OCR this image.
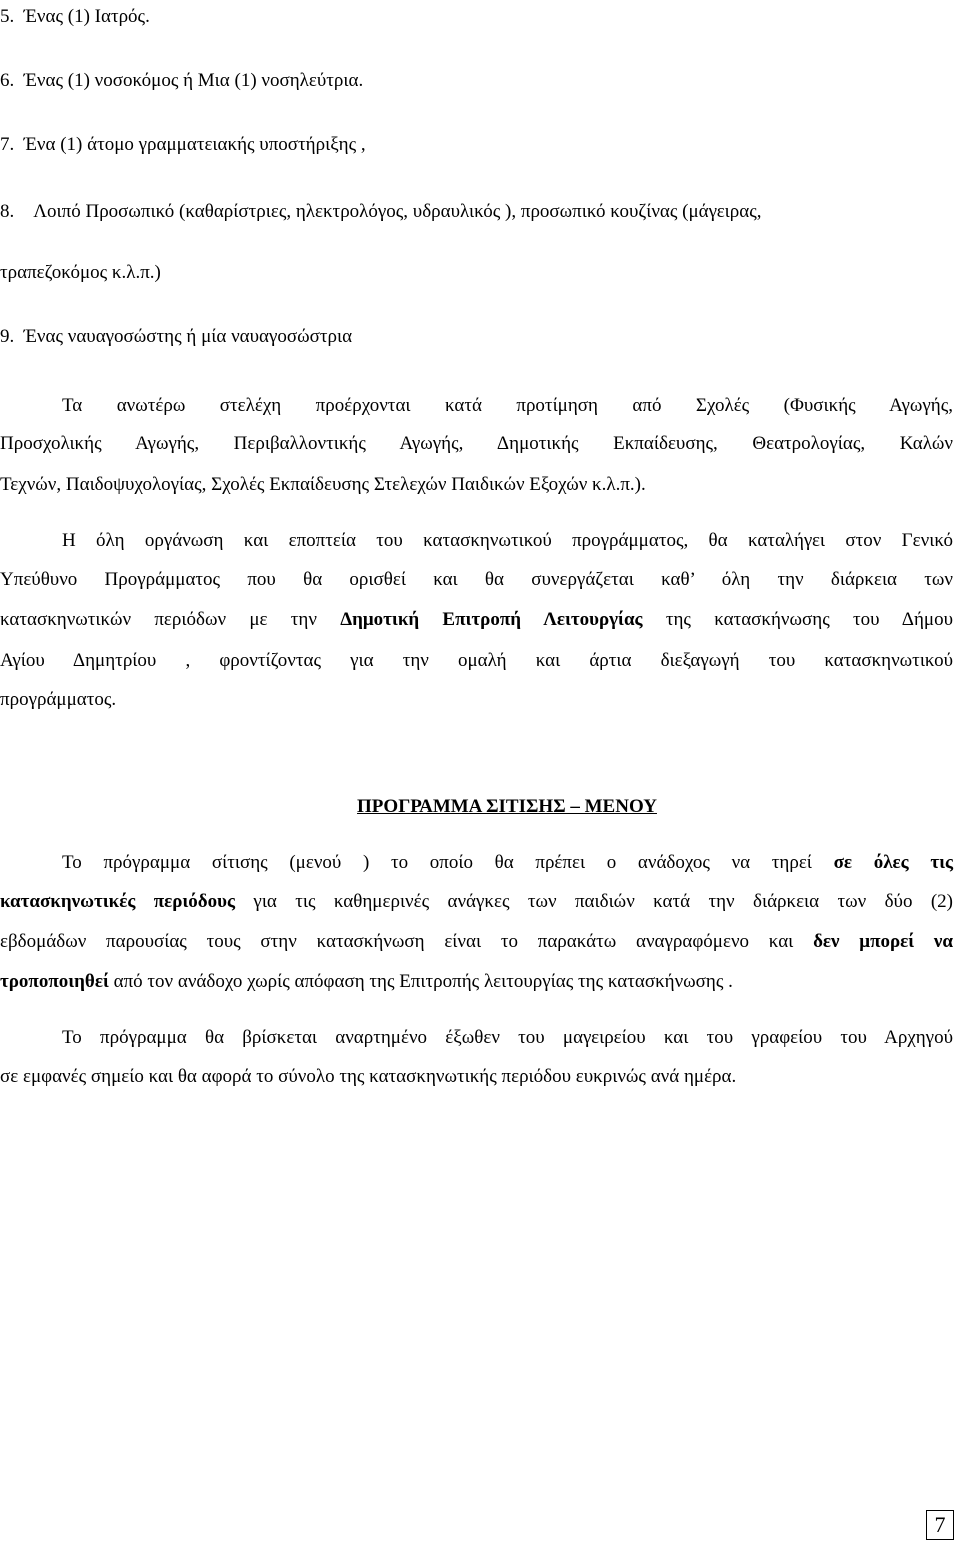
5. Ένας (1) Ιατρός.
6. Ένας (1) νοσοκόμος ή Μια (1) νοσηλεύτρια.
7. Ένα (1) άτομο γραμματειακής υποστήριξης ,
8. Λοιπό Προσωπικό (καθαρίστριες, ηλεκτρολόγος, υδραυλικός ), προσωπικό κουζίνας (μάγειρας,
τραπεζοκόμος κ.λ.π.)
9. Ένας ναυαγοσώστης ή μία ναυαγοσώστρια
Τα ανωτέρω στελέχη προέρχονται κατά προτίμηση από Σχολές (Φυσικής Αγωγής,
Προσχολικής Αγωγής, Περιβαλλοντικής Αγωγής, Δημοτικής Εκπαίδευσης, Θεατρολογίας, Καλών
Τεχνών, Παιδοψυχολογίας, Σχολές Εκπαίδευσης Στελεχών Παιδικών Εξοχών κ.λ.π.).
Η όλη οργάνωση και εποπτεία του κατασκηνωτικού προγράμματος, θα καταλήγει στον Γενικό
Υπεύθυνο Προγράμματος που θα ορισθεί και θα συνεργάζεται καθ’ όλη την διάρκεια των
κατασκηνωτικών περιόδων με την Δημοτική Επιτροπή Λειτουργίας της κατασκήνωσης του Δήμου
Αγίου Δημητρίου , φροντίζοντας για την ομαλή και άρτια διεξαγωγή του κατασκηνωτικού
προγράμματος.
ΠΡΟΓΡΑΜΜΑ ΣΙΤΙΣΗΣ – ΜΕΝΟΥ
Το πρόγραμμα σίτισης (μενού ) το οποίο θα πρέπει ο ανάδοχος να τηρεί σε όλες τις
κατασκηνωτικές περιόδους για τις καθημερινές ανάγκες των παιδιών κατά την διάρκεια των δύο (2)
εβδομάδων παρουσίας τους στην κατασκήνωση είναι το παρακάτω αναγραφόμενο και δεν μπορεί να
τροποποιηθεί από τον ανάδοχο χωρίς απόφαση της Επιτροπής λειτουργίας της κατασκήνωσης .
Το πρόγραμμα θα βρίσκεται αναρτημένο έξωθεν του μαγειρείου και του γραφείου του Αρχηγού
σε εμφανές σημείο και θα αφορά το σύνολο της κατασκηνωτικής περιόδου ευκρινώς ανά ημέρα.
7
